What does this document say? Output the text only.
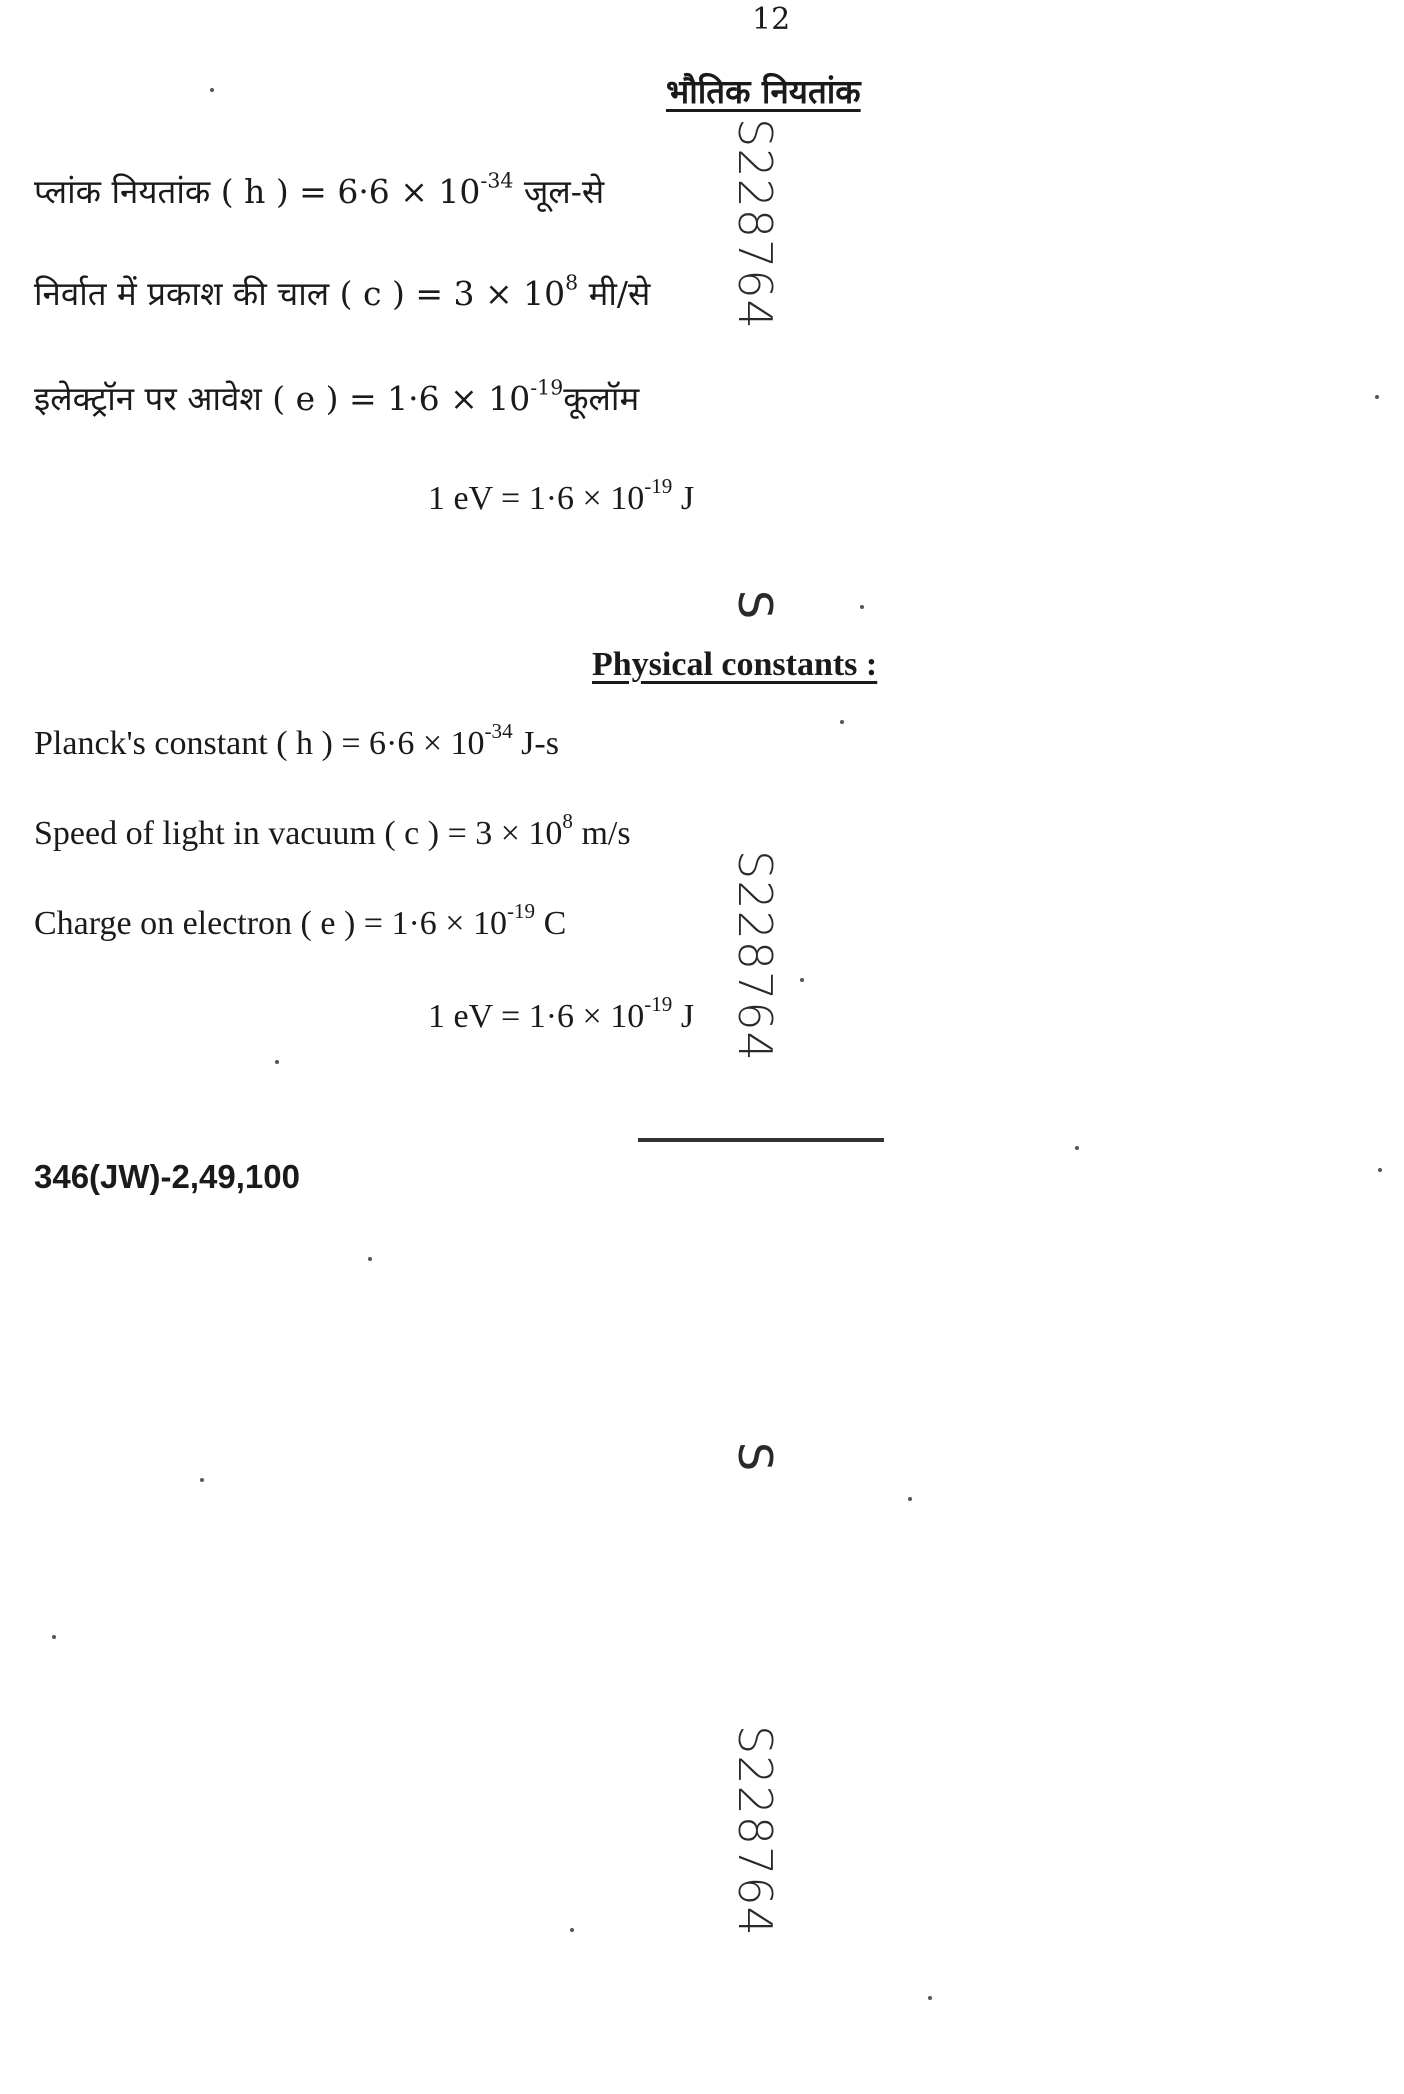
12
भौतिक नियतांक
प्लांक नियतांक ( h ) = $6\cdot 6 \times 10^{-34}$ जूल-से
निर्वात में प्रकाश की चाल ( c ) = $3 \times 10^8$ मी/से
इलेक्ट्रॉन पर आवेश ( e ) = $1\cdot 6 \times 10^{-19}कूलॉम$
1 eV = $1\cdot 6 \times 10^{-19}$ J
Physical constants :
Planck's constant ( h ) = $6\cdot 6 \times 10^{-34}$ J-s
Speed of light in vacuum ( c ) = $3 \times 10^8$ m/s
Charge on electron ( e ) = $1\cdot 6 \times 10^{-19}$ C
1 eV = $1\cdot 6 \times 10^{-19}$ J
346(JW)-2,49,100
S228764
S
S228764
S
S228764
